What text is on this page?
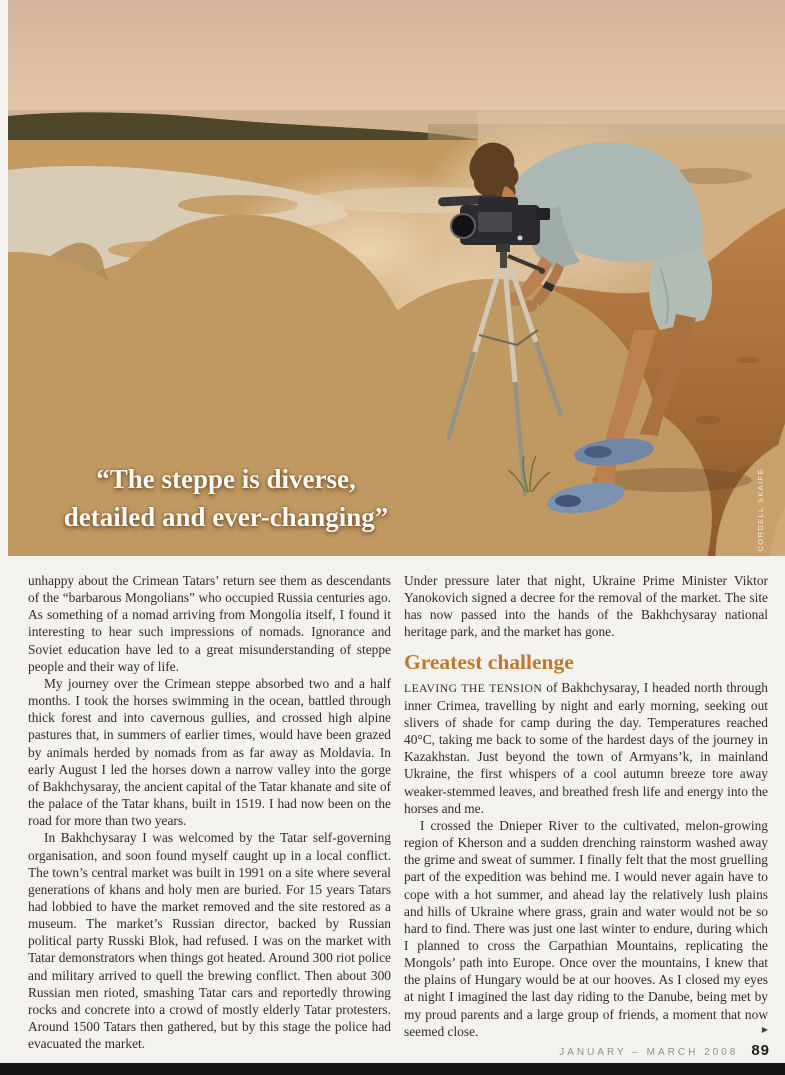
“The steppe is diverse,
detailed and ever-changing”	CORDELL SKAIFE

unhappy about the Crimean Tatars’ return see them as descendants of the “barbarous Mongolians” who occupied Russia centuries ago. As something of a nomad arriving from Mongolia itself, I found it interesting to hear such impressions of nomads. Ignorance and Soviet education have led to a great misunderstanding of steppe people and their way of life.

My journey over the Crimean steppe absorbed two and a half months. I took the horses swimming in the ocean, battled through thick forest and into cavernous gullies, and crossed high alpine pastures that, in summers of earlier times, would have been grazed by animals herded by nomads from as far away as Moldavia. In early August I led the horses down a narrow valley into the gorge of Bakhchysaray, the ancient capital of the Tatar khanate and site of the palace of the Tatar khans, built in 1519. I had now been on the road for more than two years.

In Bakhchysaray I was welcomed by the Tatar self-governing organisation, and soon found myself caught up in a local conflict. The town’s central market was built in 1991 on a site where several generations of khans and holy men are buried. For 15 years Tatars had lobbied to have the market removed and the site restored as a museum. The market’s Russian director, backed by Russian political party Russki Blok, had refused. I was on the market with Tatar demonstrators when things got heated. Around 300 riot police and military arrived to quell the brewing conflict. Then about 300 Russian men rioted, smashing Tatar cars and reportedly throwing rocks and concrete into a crowd of mostly elderly Tatar protesters. Around 1500 Tatars then gathered, but by this stage the police had evacuated the market.

Under pressure later that night, Ukraine Prime Minister Viktor Yanokovich signed a decree for the removal of the market. The site has now passed into the hands of the Bakhchysaray national heritage park, and the market has gone.

Greatest challenge

LEAVING THE TENSION of Bakhchysaray, I headed north through inner Crimea, travelling by night and early morning, seeking out slivers of shade for camp during the day. Temperatures reached 40°C, taking me back to some of the hardest days of the journey in Kazakhstan. Just beyond the town of Armyans’k, in mainland Ukraine, the first whispers of a cool autumn breeze tore away weaker-stemmed leaves, and breathed fresh life and energy into the horses and me.

I crossed the Dnieper River to the cultivated, melon-growing region of Kherson and a sudden drenching rainstorm washed away the grime and sweat of summer. I finally felt that the most gruelling part of the expedition was behind me. I would never again have to cope with a hot summer, and ahead lay the relatively lush plains and hills of Ukraine where grass, grain and water would not be so hard to find. There was just one last winter to endure, during which I planned to cross the Carpathian Mountains, replicating the Mongols’ path into Europe. Once over the mountains, I knew that the plains of Hungary would be at our hooves. As I closed my eyes at night I imagined the last day riding to the Danube, being met by my proud parents and a large group of friends, a moment that now seemed close.	▶

JANUARY – MARCH 2008 89
